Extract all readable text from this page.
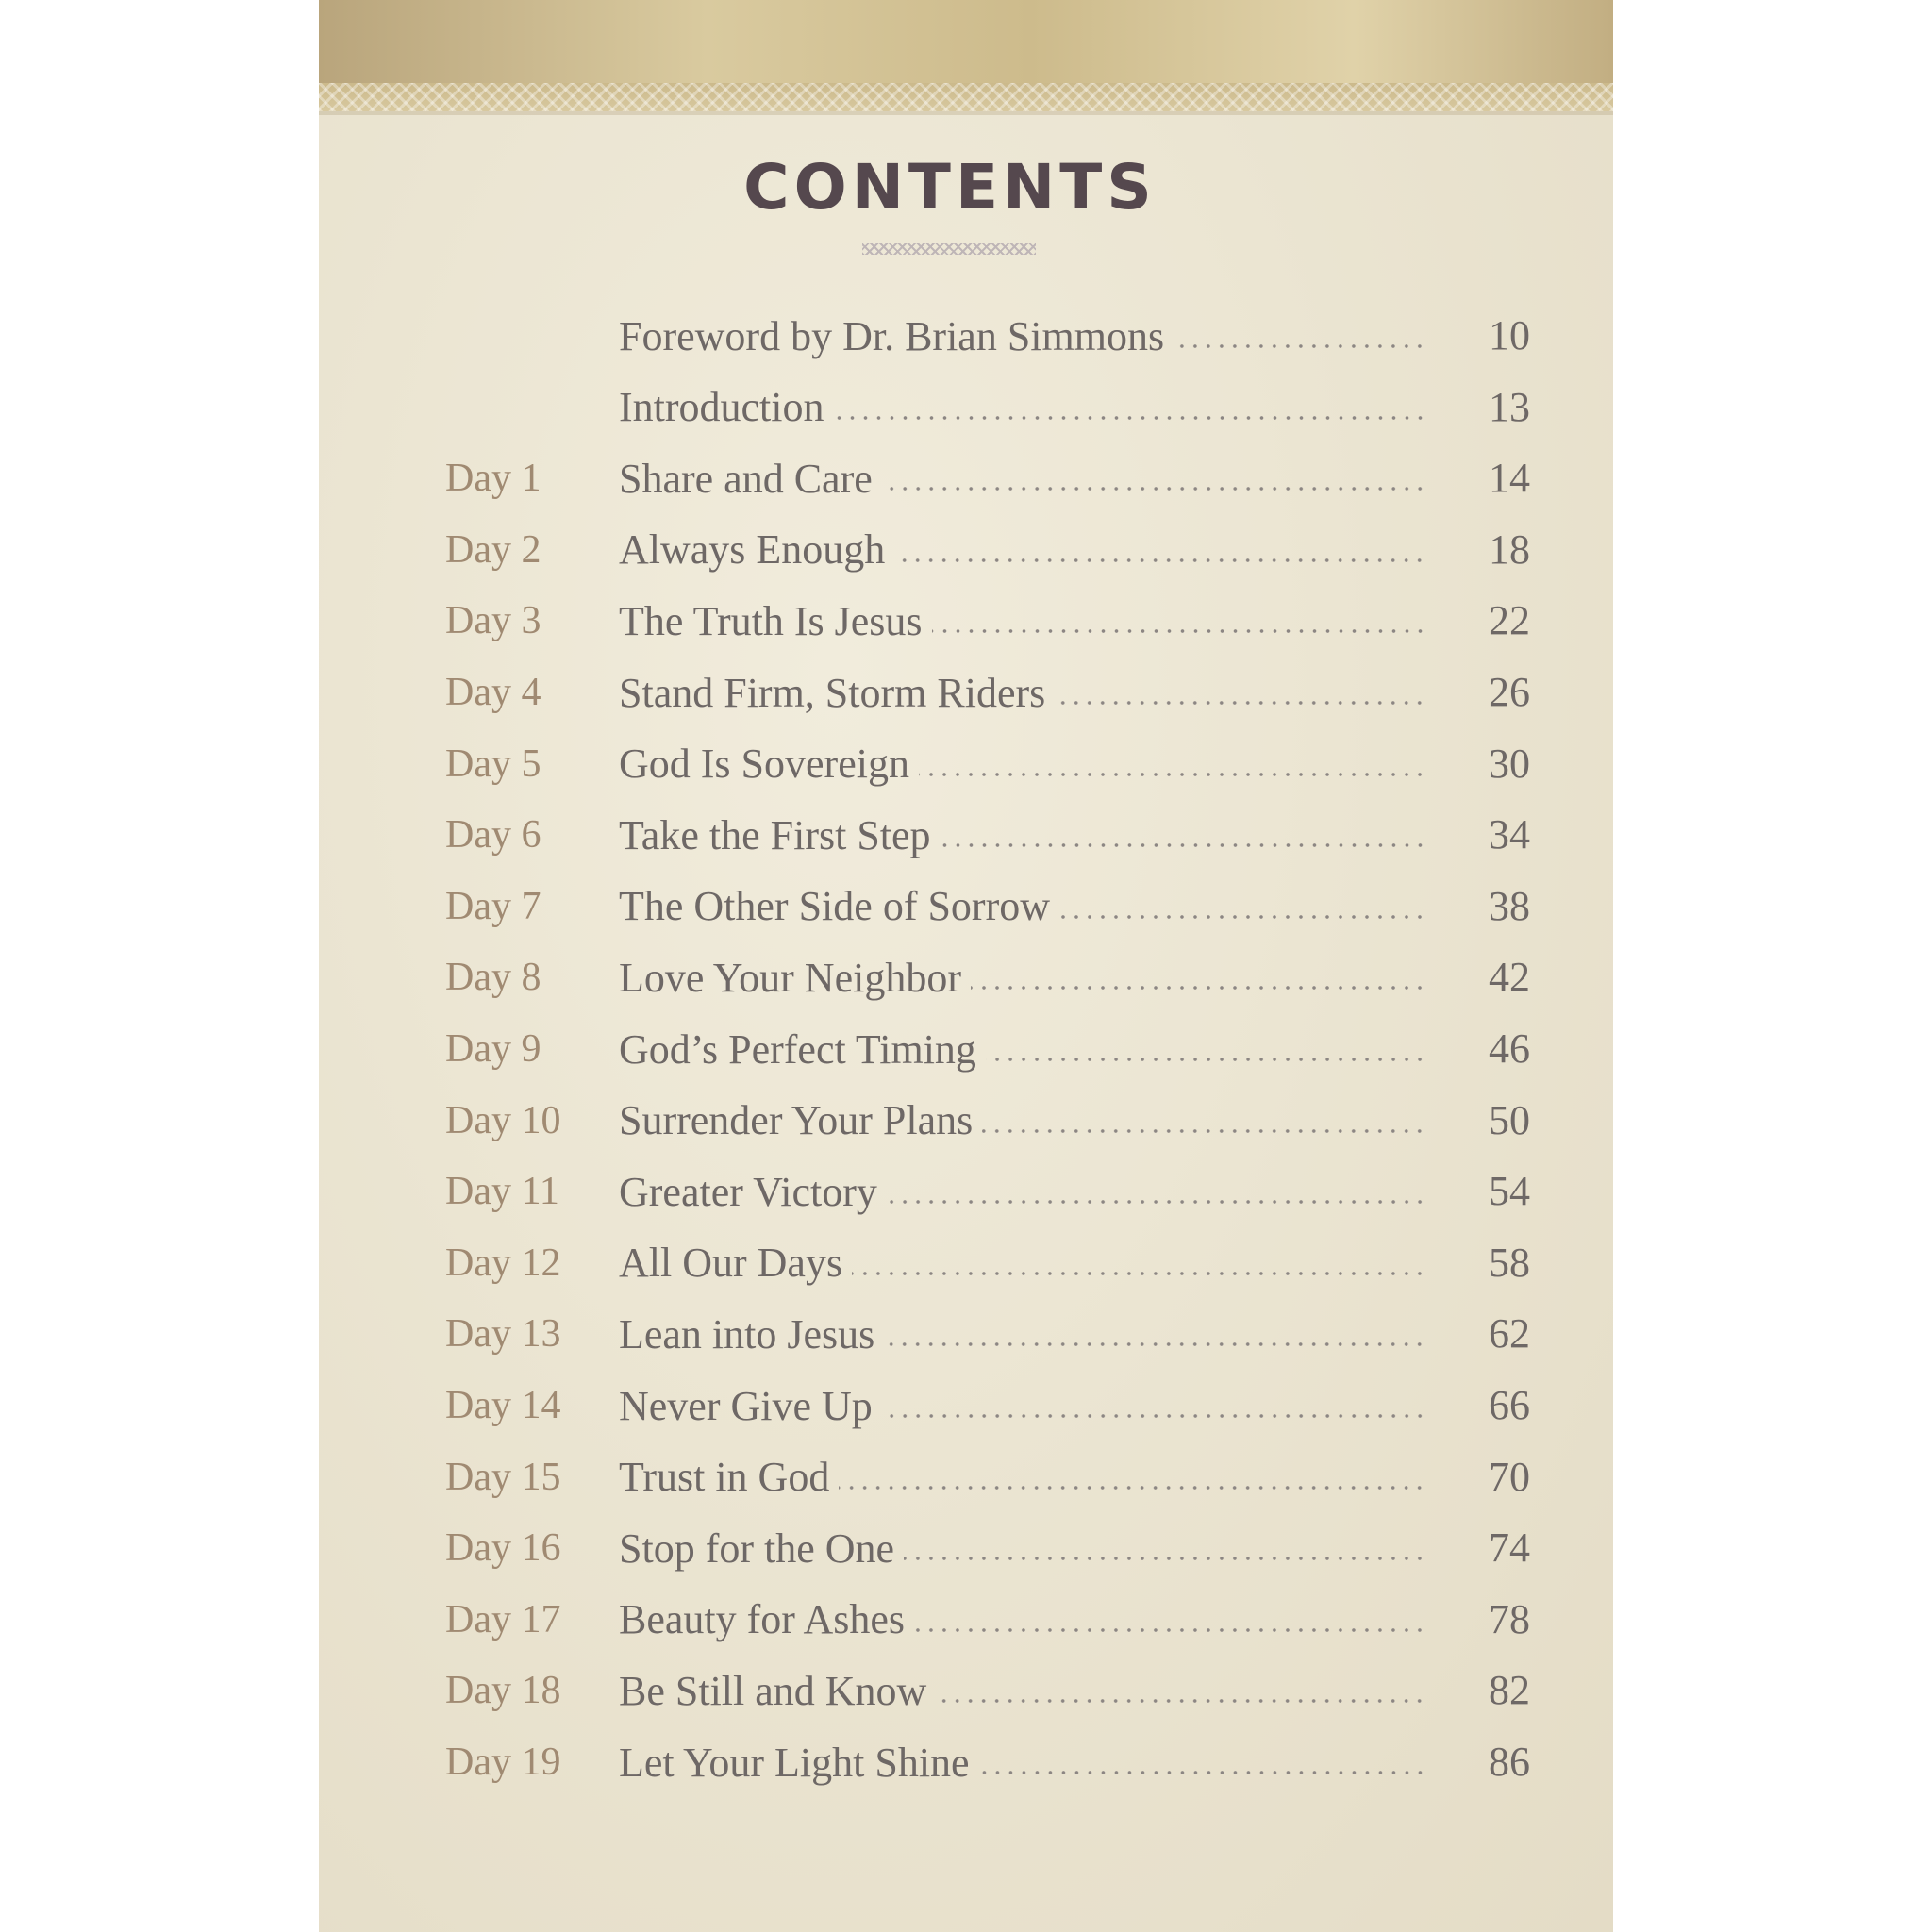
CONTENTS
Foreword by Dr. Brian Simmons	10
Introduction	13
Day 1 Share and Care	14
Day 2 Always Enough	18
Day 3 The Truth Is Jesus	22
Day 4 Stand Firm, Storm Riders	26
Day 5 God Is Sovereign	30
Day 6 Take the First Step	34
Day 7 The Other Side of Sorrow	38
Day 8 Love Your Neighbor	42
Day 9 God’s Perfect Timing	46
Day 10 Surrender Your Plans	50
Day 11 Greater Victory	54
Day 12 All Our Days	58
Day 13 Lean into Jesus	62
Day 14 Never Give Up	66
Day 15 Trust in God	70
Day 16 Stop for the One	74
Day 17 Beauty for Ashes	78
Day 18 Be Still and Know	82
Day 19 Let Your Light Shine	86
